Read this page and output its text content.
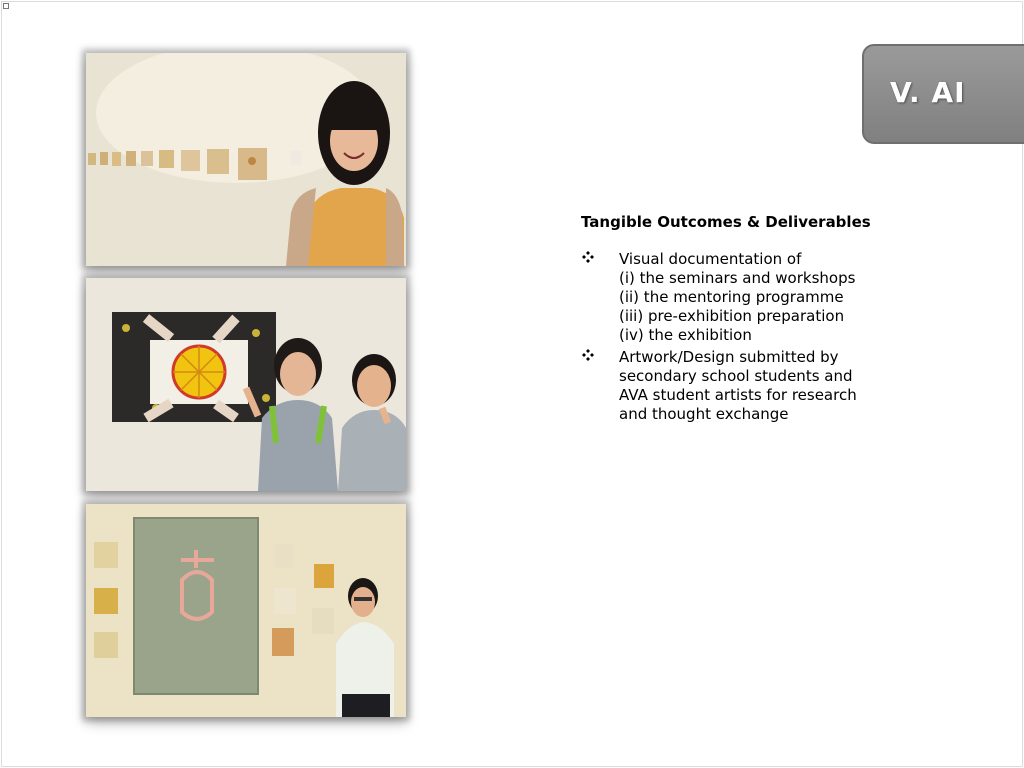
V. AI
Tangible Outcomes & Deliverables
Visual documentation of
(i) the seminars and workshops
(ii) the mentoring programme
(iii) pre-exhibition preparation
(iv) the exhibition
Artwork/Design submitted by
secondary school students and
AVA student artists for research
and thought exchange
